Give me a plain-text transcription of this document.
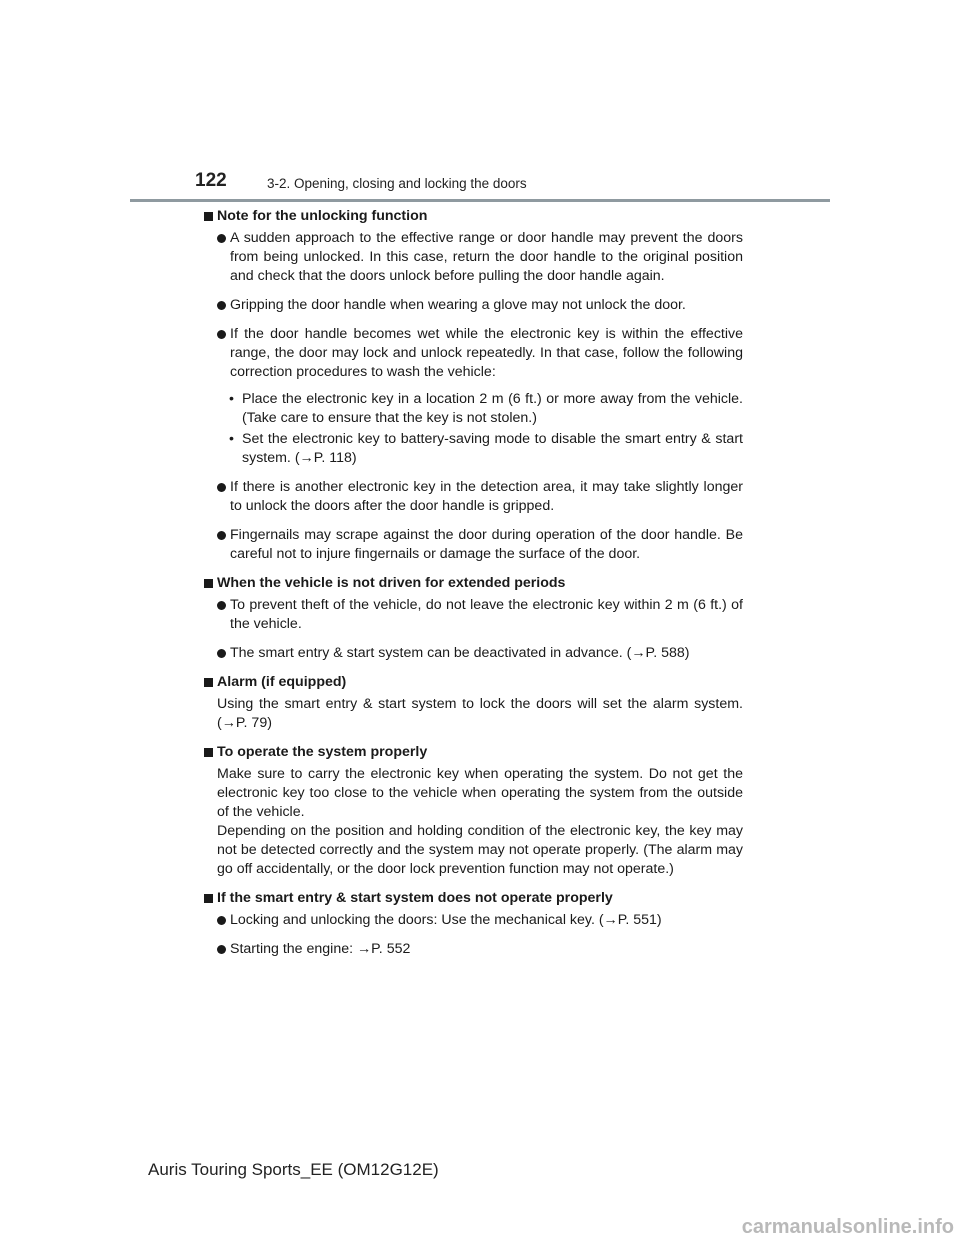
122	3-2. Opening, closing and locking the doors
Note for the unlocking function
A sudden approach to the effective range or door handle may prevent the doors from being unlocked. In this case, return the door handle to the original position and check that the doors unlock before pulling the door handle again.
Gripping the door handle when wearing a glove may not unlock the door.
If the door handle becomes wet while the electronic key is within the effective range, the door may lock and unlock repeatedly. In that case, follow the following correction procedures to wash the vehicle:
• Place the electronic key in a location 2 m (6 ft.) or more away from the vehicle. (Take care to ensure that the key is not stolen.)
• Set the electronic key to battery-saving mode to disable the smart entry & start system. (→P. 118)
If there is another electronic key in the detection area, it may take slightly longer to unlock the doors after the door handle is gripped.
Fingernails may scrape against the door during operation of the door handle. Be careful not to injure fingernails or damage the surface of the door.
When the vehicle is not driven for extended periods
To prevent theft of the vehicle, do not leave the electronic key within 2 m (6 ft.) of the vehicle.
The smart entry & start system can be deactivated in advance. (→P. 588)
Alarm (if equipped)
Using the smart entry & start system to lock the doors will set the alarm system. (→P. 79)
To operate the system properly
Make sure to carry the electronic key when operating the system. Do not get the electronic key too close to the vehicle when operating the system from the outside of the vehicle.
Depending on the position and holding condition of the electronic key, the key may not be detected correctly and the system may not operate properly. (The alarm may go off accidentally, or the door lock prevention function may not operate.)
If the smart entry & start system does not operate properly
Locking and unlocking the doors: Use the mechanical key. (→P. 551)
Starting the engine: →P. 552
Auris Touring Sports_EE (OM12G12E)
carmanualsonline.info
